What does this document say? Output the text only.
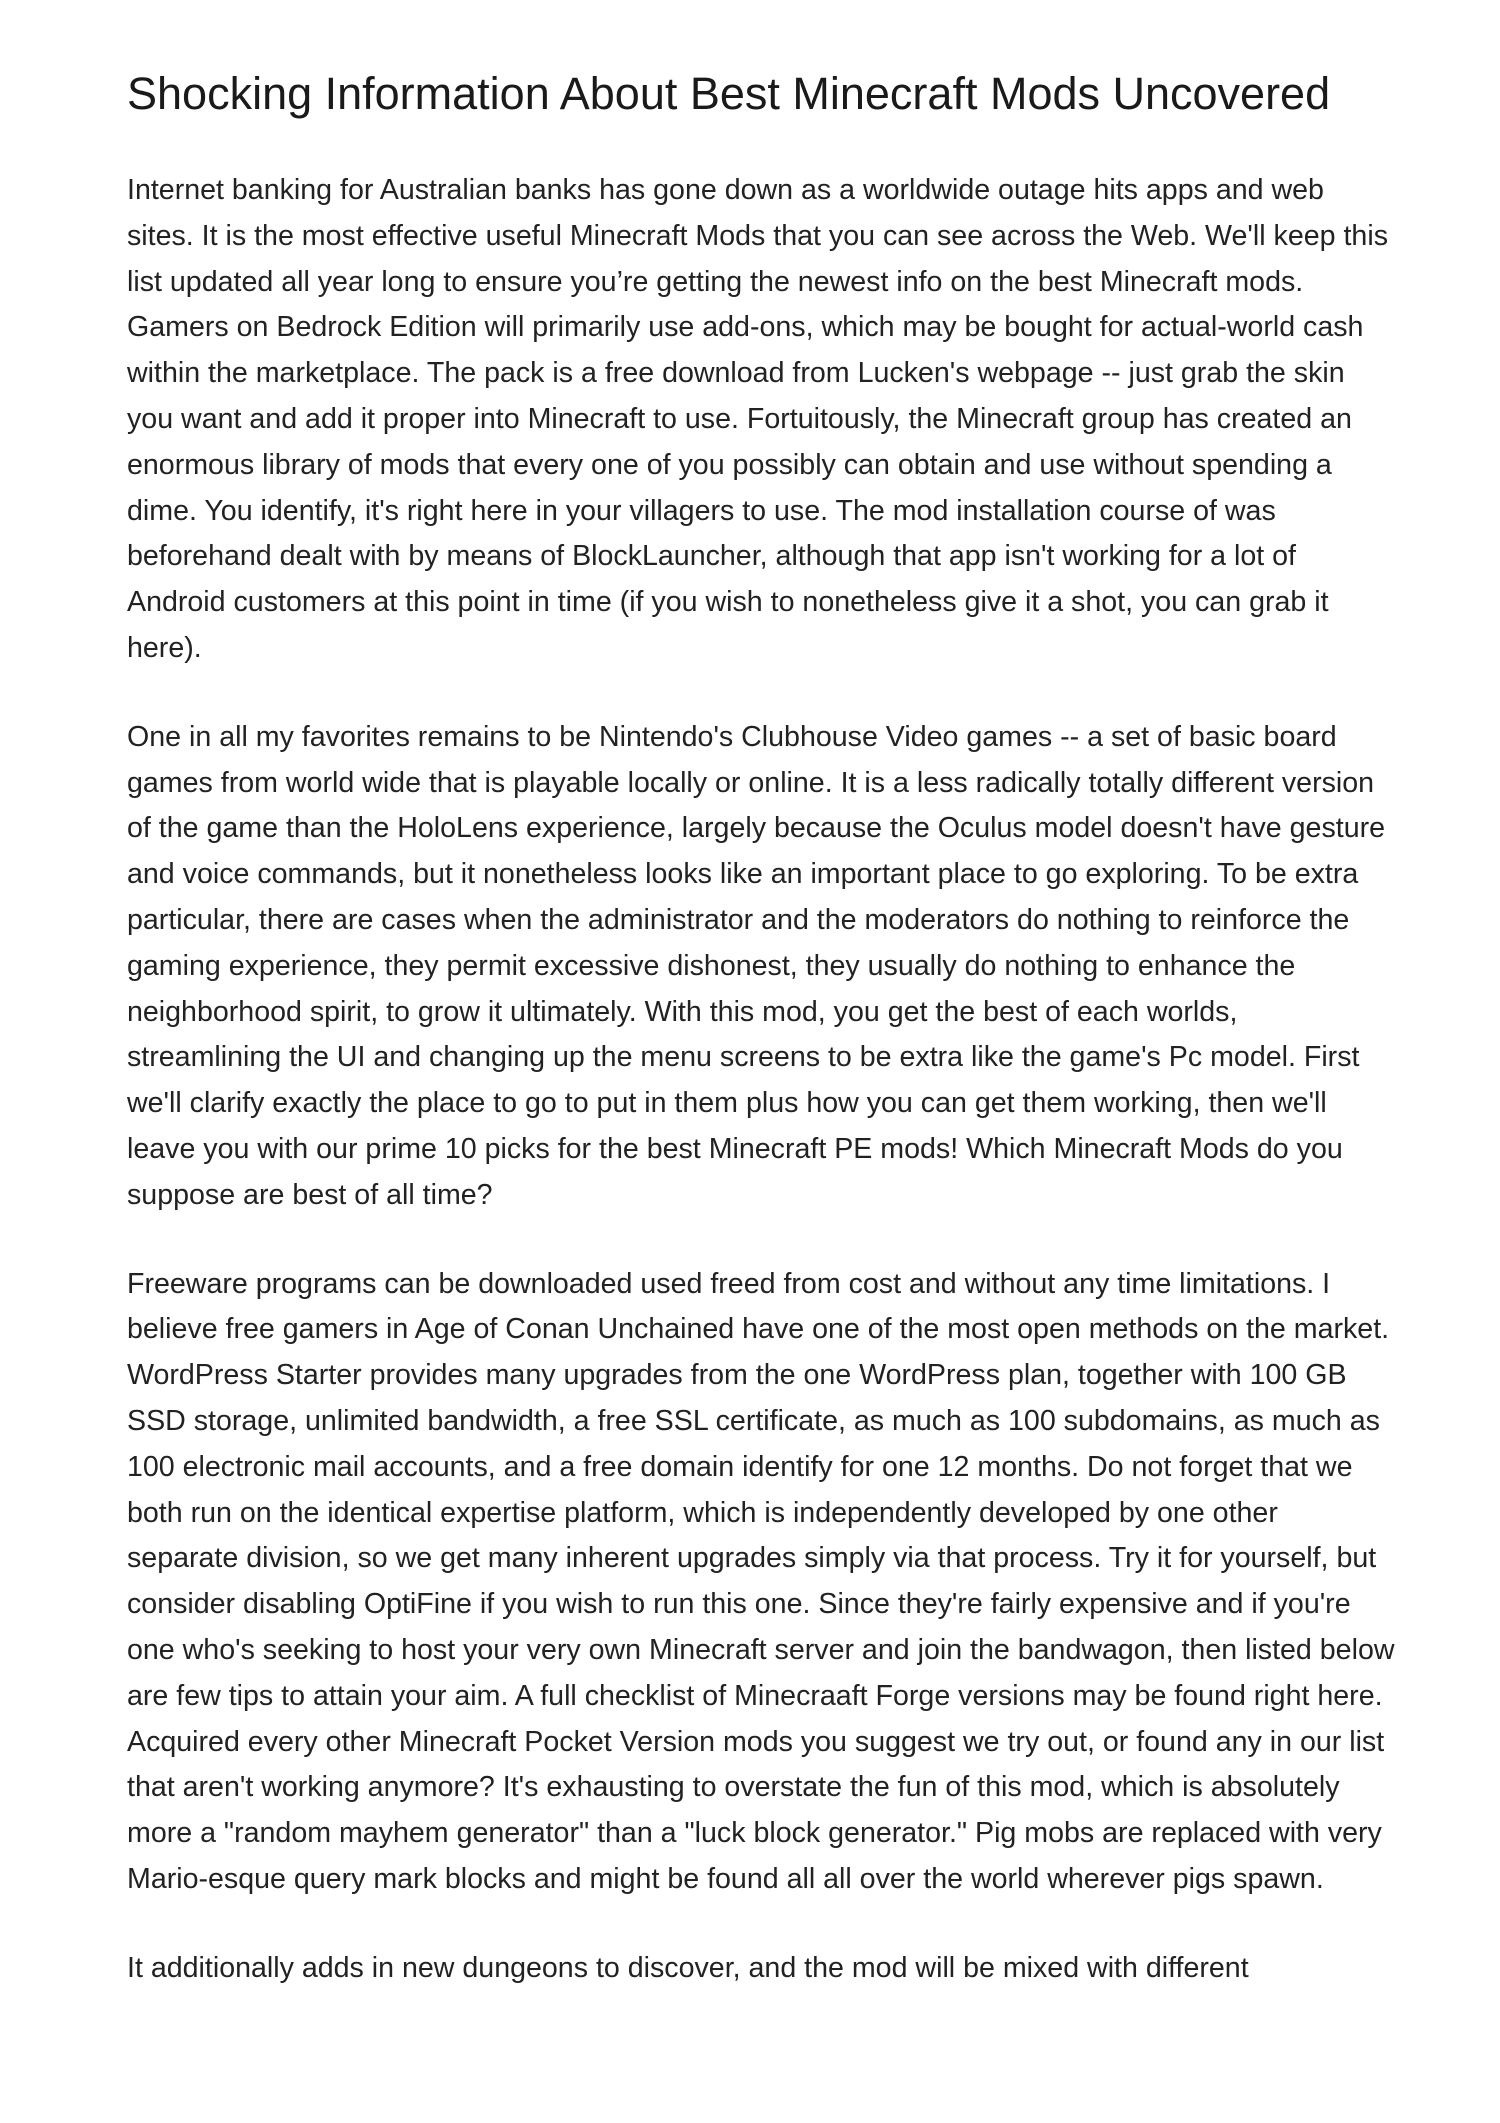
Shocking Information About Best Minecraft Mods Uncovered

Internet banking for Australian banks has gone down as a worldwide outage hits apps and web sites. It is the most effective useful Minecraft Mods that you can see across the Web. We'll keep this list updated all year long to ensure you’re getting the newest info on the best Minecraft mods. Gamers on Bedrock Edition will primarily use add-ons, which may be bought for actual-world cash within the marketplace. The pack is a free download from Lucken's webpage -- just grab the skin you want and add it proper into Minecraft to use. Fortuitously, the Minecraft group has created an enormous library of mods that every one of you possibly can obtain and use without spending a dime. You identify, it's right here in your villagers to use. The mod installation course of was beforehand dealt with by means of BlockLauncher, although that app isn't working for a lot of Android customers at this point in time (if you wish to nonetheless give it a shot, you can grab it here).

One in all my favorites remains to be Nintendo's Clubhouse Video games -- a set of basic board games from world wide that is playable locally or online. It is a less radically totally different version of the game than the HoloLens experience, largely because the Oculus model doesn't have gesture and voice commands, but it nonetheless looks like an important place to go exploring. To be extra particular, there are cases when the administrator and the moderators do nothing to reinforce the gaming experience, they permit excessive dishonest, they usually do nothing to enhance the neighborhood spirit, to grow it ultimately. With this mod, you get the best of each worlds, streamlining the UI and changing up the menu screens to be extra like the game's Pc model. First we'll clarify exactly the place to go to put in them plus how you can get them working, then we'll leave you with our prime 10 picks for the best Minecraft PE mods! Which Minecraft Mods do you suppose are best of all time?

Freeware programs can be downloaded used freed from cost and without any time limitations. I believe free gamers in Age of Conan Unchained have one of the most open methods on the market. WordPress Starter provides many upgrades from the one WordPress plan, together with 100 GB SSD storage, unlimited bandwidth, a free SSL certificate, as much as 100 subdomains, as much as 100 electronic mail accounts, and a free domain identify for one 12 months. Do not forget that we both run on the identical expertise platform, which is independently developed by one other separate division, so we get many inherent upgrades simply via that process. Try it for yourself, but consider disabling OptiFine if you wish to run this one. Since they're fairly expensive and if you're one who's seeking to host your very own Minecraft server and join the bandwagon, then listed below are few tips to attain your aim. A full checklist of Minecraaft Forge versions may be found right here. Acquired every other Minecraft Pocket Version mods you suggest we try out, or found any in our list that aren't working anymore? It's exhausting to overstate the fun of this mod, which is absolutely more a "random mayhem generator" than a "luck block generator." Pig mobs are replaced with very Mario-esque query mark blocks and might be found all all over the world wherever pigs spawn.

It additionally adds in new dungeons to discover, and the mod will be mixed with different
